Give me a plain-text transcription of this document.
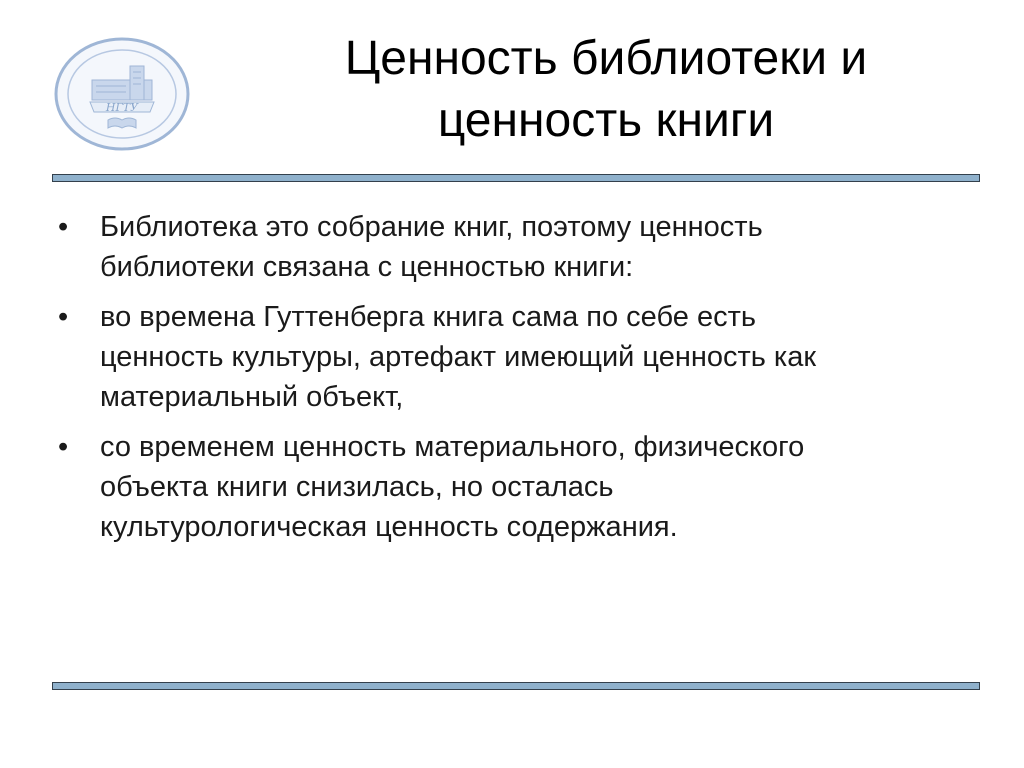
НГТУ
Ценность библиотеки и
ценность книги
•	Библиотека это собрание книг, поэтому ценность
библиотеки связана с ценностью книги:
•	во времена Гуттенберга книга сама по себе есть
ценность культуры, артефакт имеющий ценность как
материальный объект,
•	со временем ценность материального, физического
объекта книги снизилась, но осталась
культурологическая ценность содержания.
